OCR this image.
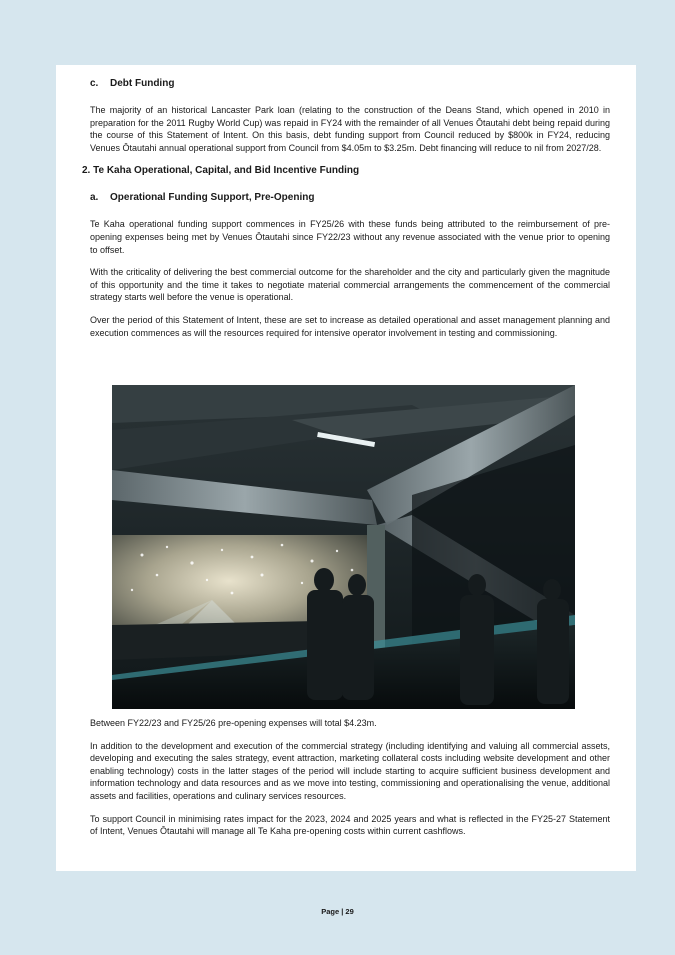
c.	Debt Funding

The majority of an historical Lancaster Park loan (relating to the construction of the Deans Stand, which opened in 2010 in preparation for the 2011 Rugby World Cup) was repaid in FY24 with the remainder of all Venues Ōtautahi debt being repaid during the course of this Statement of Intent. On this basis, debt funding support from Council reduced by $800k in FY24, reducing Venues Ōtautahi annual operational support from Council from $4.05m to $3.25m. Debt financing will reduce to nil from 2027/28.

2. Te Kaha Operational, Capital, and Bid Incentive Funding

a.	Operational Funding Support, Pre-Opening

Te Kaha operational funding support commences in FY25/26 with these funds being attributed to the reimbursement of pre-opening expenses being met by Venues Ōtautahi since FY22/23 without any revenue associated with the venue prior to opening to offset.

With the criticality of delivering the best commercial outcome for the shareholder and the city and particularly given the magnitude of this opportunity and the time it takes to negotiate material commercial arrangements the commencement of the commercial strategy starts well before the venue is operational.

Over the period of this Statement of Intent, these are set to increase as detailed operational and asset management planning and execution commences as will the resources required for intensive operator involvement in testing and commissioning.

Between FY22/23 and FY25/26 pre-opening expenses will total $4.23m.

In addition to the development and execution of the commercial strategy (including identifying and valuing all commercial assets, developing and executing the sales strategy, event attraction, marketing collateral costs including website development and other enabling technology) costs in the latter stages of the period will include starting to acquire sufficient business development and information technology and data resources and as we move into testing, commissioning and operationalising the venue, additional assets and facilities, operations and culinary services resources.

To support Council in minimising rates impact for the 2023, 2024 and 2025 years and what is reflected in the FY25-27 Statement of Intent, Venues Ōtautahi will manage all Te Kaha pre-opening costs within current cashflows.

Page | 29
